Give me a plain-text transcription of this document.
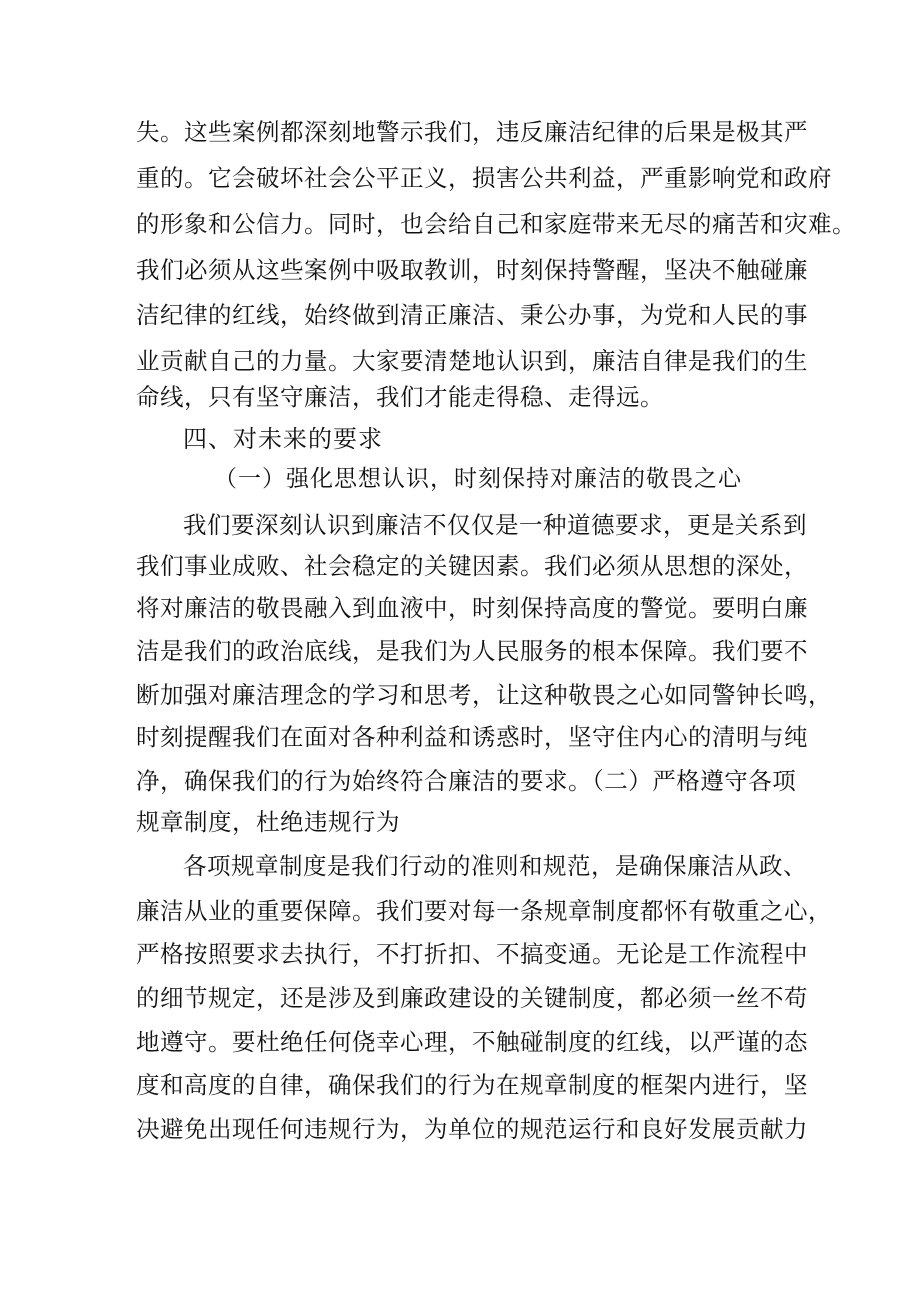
失。这些案例都深刻地警示我们，违反廉洁纪律的后果是极其严
重的。它会破坏社会公平正义，损害公共利益，严重影响党和政府
的形象和公信力。同时，也会给自己和家庭带来无尽的痛苦和灾难。
我们必须从这些案例中吸取教训，时刻保持警醒，坚决不触碰廉
洁纪律的红线，始终做到清正廉洁、秉公办事，为党和人民的事
业贡献自己的力量。大家要清楚地认识到，廉洁自律是我们的生
命线，只有坚守廉洁，我们才能走得稳、走得远。
四、对未来的要求
（一）强化思想认识，时刻保持对廉洁的敬畏之心
我们要深刻认识到廉洁不仅仅是一种道德要求，更是关系到
我们事业成败、社会稳定的关键因素。我们必须从思想的深处，
将对廉洁的敬畏融入到血液中，时刻保持高度的警觉。要明白廉
洁是我们的政治底线，是我们为人民服务的根本保障。我们要不
断加强对廉洁理念的学习和思考，让这种敬畏之心如同警钟长鸣，
时刻提醒我们在面对各种利益和诱惑时，坚守住内心的清明与纯
净，确保我们的行为始终符合廉洁的要求。（二）严格遵守各项
规章制度，杜绝违规行为
各项规章制度是我们行动的准则和规范，是确保廉洁从政、
廉洁从业的重要保障。我们要对每一条规章制度都怀有敬重之心，
严格按照要求去执行，不打折扣、不搞变通。无论是工作流程中
的细节规定，还是涉及到廉政建设的关键制度，都必须一丝不苟
地遵守。要杜绝任何侥幸心理，不触碰制度的红线，以严谨的态
度和高度的自律，确保我们的行为在规章制度的框架内进行，坚
决避免出现任何违规行为，为单位的规范运行和良好发展贡献力
